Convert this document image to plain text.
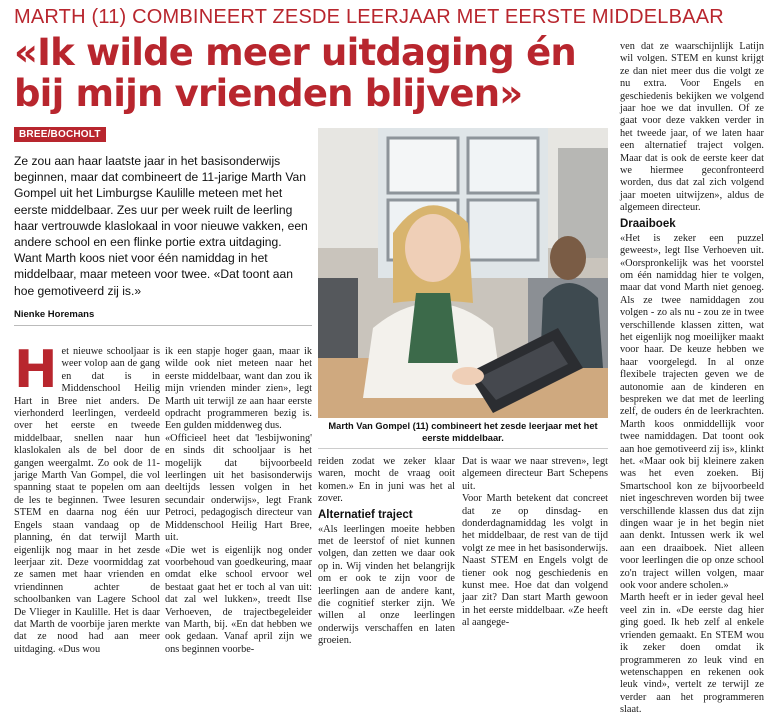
MARTH (11) COMBINEERT ZESDE LEERJAAR MET EERSTE MIDDELBAAR
«Ik wilde meer uitdaging én bij mijn vrienden blijven»
BREE/BOCHOLT

Ze zou aan haar laatste jaar in het basisonderwijs beginnen, maar dat combineert de 11-jarige Marth Van Gompel uit het Limburgse Kaulille meteen met het eerste middelbaar. Zes uur per week ruilt de leerling haar vertrouwde klaslokaal in voor nieuwe vakken, een andere school en een flinke portie extra uitdaging. Want Marth koos niet voor één namiddag in het middelbaar, maar meteen voor twee. «Dat toont aan hoe gemotiveerd zij is.»

Nienke Horemans
H et nieuwe schooljaar is weer volop aan de gang en dat is in Middenschool Heilig Hart in Bree niet anders. De vierhonderd leerlingen, verdeeld over het eerste en tweede middelbaar, snellen naar hun klaslokalen als de bel door de gangen weergalmt. Zo ook de 11-jarige Marth Van Gompel, die vol spanning staat te popelen om aan de les te beginnen. Twee lesuren STEM en daarna nog één uur Engels staan vandaag op de planning, én dat terwijl Marth eigenlijk nog maar in het zesde leerjaar zit. Deze voormiddag zat ze samen met haar vrienden en vriendinnen achter de schoolbanken van Lagere School De Vlieger in Kaulille. Het is daar dat Marth de voorbije jaren merkte dat ze nood had aan meer uitdaging. «Dus wou

ik een stapje hoger gaan, maar ik wilde ook niet meteen naar het eerste middelbaar, want dan zou ik mijn vrienden minder zien», legt Marth uit terwijl ze aan haar eerste opdracht programmeren bezig is. Een gulden middenweg dus.

«Officieel heet dat 'lesbijwoning' en sinds dit schooljaar is het mogelijk dat bijvoorbeeld leerlingen uit het basisonderwijs deeltijds lessen volgen in het secundair onderwijs», legt Frank Petroci, pedagogisch directeur van Middenschool Heilig Hart Bree, uit.

«Die wet is eigenlijk nog onder voorbehoud van goedkeuring, maar omdat elke school ervoor wel bestaat gaat het er toch al van uit: dat zal wel lukken», treedt Ilse Verhoeven, de trajectbegeleider van Marth, bij. «En dat hebben we ook gedaan. Vanaf april zijn we ons beginnen voorbe-

Marth Van Gompel (11) combineert het zesde leerjaar met het eerste middelbaar.

reiden zodat we zeker klaar waren, mocht de vraag ooit komen.» En in juni was het al zover.

Alternatief traject

«Als leerlingen moeite hebben met de leerstof of niet kunnen volgen, dan zetten we daar ook op in. Wij vinden het belangrijk om er ook te zijn voor de leerlingen aan de andere kant, die cognitief sterker zijn. We willen al onze leerlingen onderwijs verschaffen en laten groeien.

Dat is waar we naar streven», legt algemeen directeur Bart Schepens uit.

Voor Marth betekent dat concreet dat ze op dinsdag- en donderdagnamiddag les volgt in het middelbaar, de rest van de tijd volgt ze mee in het basisonderwijs. Naast STEM en Engels volgt de tiener ook nog geschiedenis en kunst mee. Hoe dat dan volgend jaar zit? Dan start Marth gewoon in het eerste middelbaar. «Ze heeft al aangege-

ven dat ze waarschijnlijk Latijn wil volgen. STEM en kunst krijgt ze dan niet meer dus die volgt ze nu extra. Voor Engels en geschiedenis bekijken we volgend jaar hoe we dat invullen. Of ze gaat voor deze vakken verder in het tweede jaar, of we laten haar een alternatief traject volgen. Maar dat is ook de eerste keer dat we hiermee geconfronteerd worden, dus dat zal zich volgend jaar moeten uitwijzen», aldus de algemeen directeur.

Draaiboek

«Het is zeker een puzzel geweest», legt Ilse Verhoeven uit. «Oorspronkelijk was het voorstel om één namiddag hier te volgen, maar dat vond Marth niet genoeg. Als ze twee namiddagen zou volgen - zo als nu - zou ze in twee verschillende klassen zitten, wat het eigenlijk nog moeilijker maakt voor haar. De keuze hebben we haar voorgelegd. In al onze flexibele trajecten geven we de autonomie aan de kinderen en bespreken we dat met de leerling zelf, de ouders én de leerkrachten. Marth koos onmiddellijk voor twee namiddagen. Dat toont ook aan hoe gemotiveerd zij is», klinkt het. «Maar ook bij kleinere zaken was het even zoeken. Bij Smartschool kon ze bijvoorbeeld niet ingeschreven worden bij twee verschillende klassen dus dat zijn dingen waar je in het begin niet aan denkt. Intussen werk ik wel aan een draaiboek. Niet alleen voor leerlingen die op onze school zo'n traject willen volgen, maar ook voor andere scholen.»

Marth heeft er in ieder geval heel veel zin in. «De eerste dag hier ging goed. Ik heb zelf al enkele vrienden gemaakt. En STEM wou ik zeker doen omdat ik programmeren zo leuk vind en wetenschappen en rekenen ook leuk vind», vertelt ze terwijl ze verder aan het programmeren slaat.
